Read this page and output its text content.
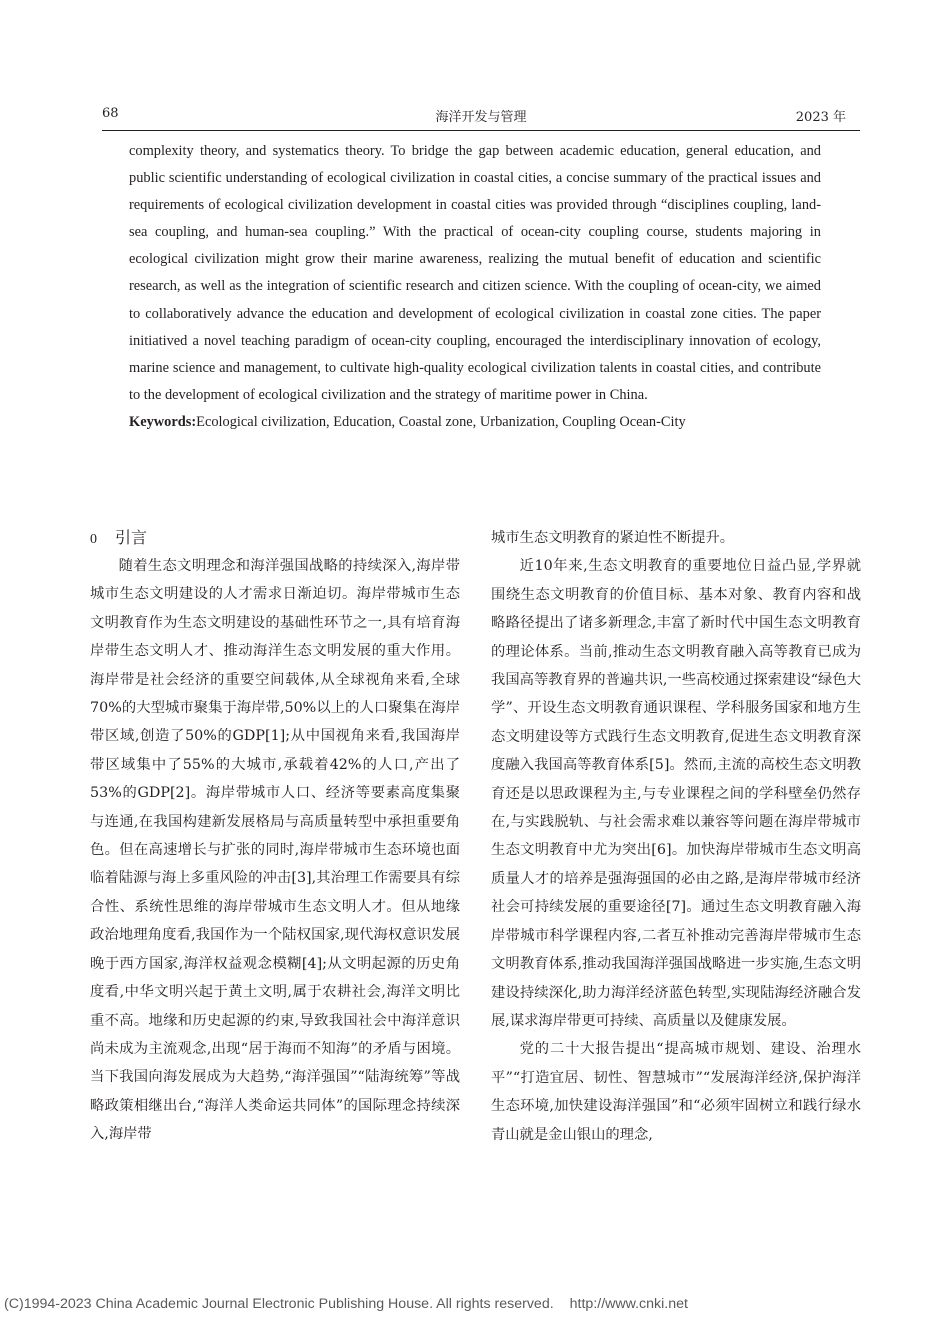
68	海洋开发与管理	2023 年

complexity theory, and systematics theory. To bridge the gap between academic education, general education, and public scientific understanding of ecological civilization in coastal cities, a concise summary of the practical issues and requirements of ecological civilization development in coastal cities was provided through “disciplines coupling, land-sea coupling, and human-sea coupling.” With the practical of ocean-city coupling course, students majoring in ecological civilization might grow their marine awareness, realizing the mutual benefit of education and scientific research, as well as the integration of scientific research and citizen science. With the coupling of ocean-city, we aimed to collaboratively advance the education and development of ecological civilization in coastal zone cities. The paper initiatived a novel teaching paradigm of ocean-city coupling, encouraged the interdisciplinary innovation of ecology, marine science and management, to cultivate high-quality ecological civilization talents in coastal cities, and contribute to the development of ecological civilization and the strategy of maritime power in China.

Keywords:Ecological civilization, Education, Coastal zone, Urbanization, Coupling Ocean-City

0 引言

随着生态文明理念和海洋强国战略的持续深入,海岸带城市生态文明建设的人才需求日渐迫切。海岸带城市生态文明教育作为生态文明建设的基础性环节之一,具有培育海岸带生态文明人才、推动海洋生态文明发展的重大作用。海岸带是社会经济的重要空间载体,从全球视角来看,全球70%的大型城市聚集于海岸带,50%以上的人口聚集在海岸带区域,创造了50%的GDP[1];从中国视角来看,我国海岸带区域集中了55%的大城市,承载着42%的人口,产出了53%的GDP[2]。海岸带城市人口、经济等要素高度集聚与连通,在我国构建新发展格局与高质量转型中承担重要角色。但在高速增长与扩张的同时,海岸带城市生态环境也面临着陆源与海上多重风险的冲击[3],其治理工作需要具有综合性、系统性思维的海岸带城市生态文明人才。但从地缘政治地理角度看,我国作为一个陆权国家,现代海权意识发展晚于西方国家,海洋权益观念模糊[4];从文明起源的历史角度看,中华文明兴起于黄土文明,属于农耕社会,海洋文明比重不高。地缘和历史起源的约束,导致我国社会中海洋意识尚未成为主流观念,出现“居于海而不知海”的矛盾与困境。当下我国向海发展成为大趋势,“海洋强国”“陆海统筹”等战略政策相继出台,“海洋人类命运共同体”的国际理念持续深入,海岸带

城市生态文明教育的紧迫性不断提升。

近10年来,生态文明教育的重要地位日益凸显,学界就围绕生态文明教育的价值目标、基本对象、教育内容和战略路径提出了诸多新理念,丰富了新时代中国生态文明教育的理论体系。当前,推动生态文明教育融入高等教育已成为我国高等教育界的普遍共识,一些高校通过探索建设“绿色大学”、开设生态文明教育通识课程、学科服务国家和地方生态文明建设等方式践行生态文明教育,促进生态文明教育深度融入我国高等教育体系[5]。然而,主流的高校生态文明教育还是以思政课程为主,与专业课程之间的学科壁垒仍然存在,与实践脱轨、与社会需求难以兼容等问题在海岸带城市生态文明教育中尤为突出[6]。加快海岸带城市生态文明高质量人才的培养是强海强国的必由之路,是海岸带城市经济社会可持续发展的重要途径[7]。通过生态文明教育融入海岸带城市科学课程内容,二者互补推动完善海岸带城市生态文明教育体系,推动我国海洋强国战略进一步实施,生态文明建设持续深化,助力海洋经济蓝色转型,实现陆海经济融合发展,谋求海岸带更可持续、高质量以及健康发展。

党的二十大报告提出“提高城市规划、建设、治理水平”“打造宜居、韧性、智慧城市”“发展海洋经济,保护海洋生态环境,加快建设海洋强国”和“必须牢固树立和践行绿水青山就是金山银山的理念,

(C)1994-2023 China Academic Journal Electronic Publishing House. All rights reserved. http://www.cnki.net
